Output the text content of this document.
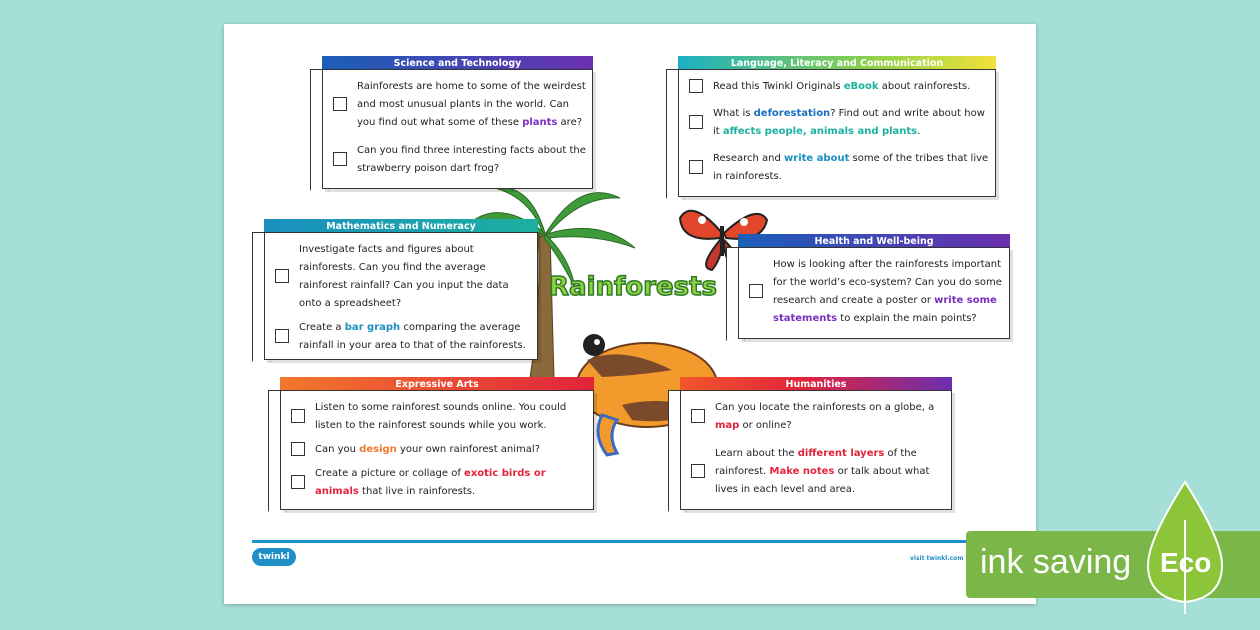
Rainforests
Science and Technology
Rainforests are home to some of the weirdest and most unusual plants in the world. Can you find out what some of these plants are?
Can you find three interesting facts about the strawberry poison dart frog?
Language, Literacy and Communication
Read this Twinkl Originals eBook about rainforests.
What is deforestation? Find out and write about how it affects people, animals and plants.
Research and write about some of the tribes that live in rainforests.
Mathematics and Numeracy
Investigate facts and figures about rainforests. Can you find the average rainforest rainfall? Can you input the data onto a spreadsheet?
Create a bar graph comparing the average rainfall in your area to that of the rainforests.
Health and Well-being
How is looking after the rainforests important for the world’s eco-system? Can you do some research and create a poster or write some statements to explain the main points?
Expressive Arts
Listen to some rainforest sounds online. You could listen to the rainforest sounds while you work.
Can you design your own rainforest animal?
Create a picture or collage of exotic birds or animals that live in rainforests.
Humanities
Can you locate the rainforests on a globe, a map or online?
Learn about the different layers of the rainforest. Make notes or talk about what lives in each level and area.
twinkl	visit twinkl.com ink saving Eco
